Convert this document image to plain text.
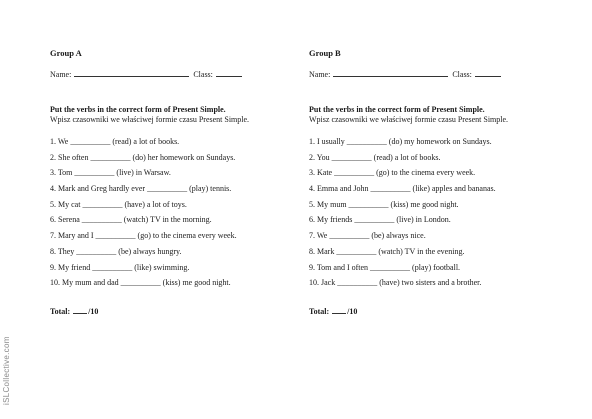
Group A

Name:	Class:
Put the verbs in the correct form of Present Simple.
Wpisz czasowniki we właściwej formie czasu Present Simple.
1. We __________ (read) a lot of books.
2. She often __________ (do) her homework on Sundays.
3. Tom __________ (live) in Warsaw.
4. Mark and Greg hardly ever __________ (play) tennis.
5. My cat __________ (have) a lot of toys.
6. Serena __________ (watch) TV in the morning.
7. Mary and I __________ (go) to the cinema every week.
8. They __________ (be) always hungry.
9. My friend __________ (like) swimming.
10. My mum and dad __________ (kiss) me good night.
Total: /10

Group B

Name:	Class:
Put the verbs in the correct form of Present Simple.
Wpisz czasowniki we właściwej formie czasu Present Simple.
1. I usually __________ (do) my homework on Sundays.
2. You __________ (read) a lot of books.
3. Kate __________ (go) to the cinema every week.
4. Emma and John __________ (like) apples and bananas.
5. My mum __________ (kiss) me good night.
6. My friends __________ (live) in London.
7. We __________ (be) always nice.
8. Mark __________ (watch) TV in the evening.
9. Tom and I often __________ (play) football.
10. Jack __________ (have) two sisters and a brother.
Total: /10
iSLCollective.com
